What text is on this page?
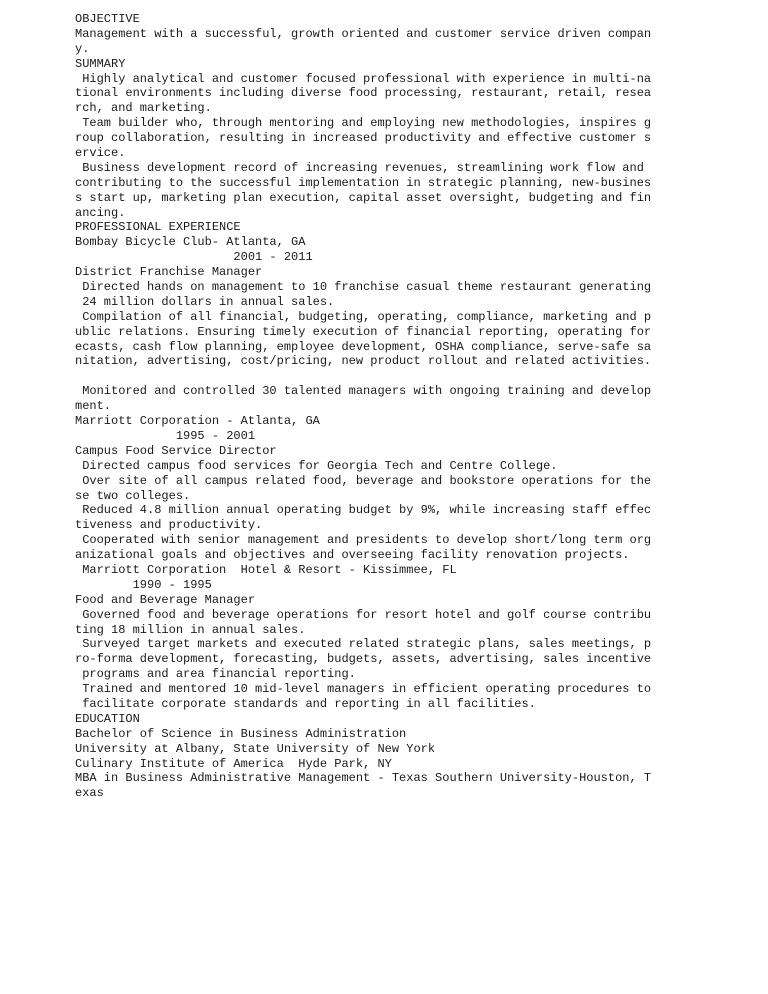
OBJECTIVE
Management with a successful, growth oriented and customer service driven compan
y.
SUMMARY
Highly analytical and customer focused professional with experience in multi-na
tional environments including diverse food processing, restaurant, retail, resea
rch, and marketing.
Team builder who, through mentoring and employing new methodologies, inspires g
roup collaboration, resulting in increased productivity and effective customer s
ervice.
Business development record of increasing revenues, streamlining work flow and
contributing to the successful implementation in strategic planning, new-busines
s start up, marketing plan execution, capital asset oversight, budgeting and fin
ancing.
PROFESSIONAL EXPERIENCE
Bombay Bicycle Club- Atlanta, GA
2001 - 2011
District Franchise Manager
Directed hands on management to 10 franchise casual theme restaurant generating
24 million dollars in annual sales.
Compilation of all financial, budgeting, operating, compliance, marketing and p
ublic relations. Ensuring timely execution of financial reporting, operating for
ecasts, cash flow planning, employee development, OSHA compliance, serve-safe sa
nitation, advertising, cost/pricing, new product rollout and related activities.
Monitored and controlled 30 talented managers with ongoing training and develop
ment.
Marriott Corporation - Atlanta, GA
1995 - 2001
Campus Food Service Director
Directed campus food services for Georgia Tech and Centre College.
Over site of all campus related food, beverage and bookstore operations for the
se two colleges.
Reduced 4.8 million annual operating budget by 9%, while increasing staff effec
tiveness and productivity.
Cooperated with senior management and presidents to develop short/long term org
anizational goals and objectives and overseeing facility renovation projects.
Marriott Corporation  Hotel & Resort - Kissimmee, FL
1990 - 1995
Food and Beverage Manager
Governed food and beverage operations for resort hotel and golf course contribu
ting 18 million in annual sales.
Surveyed target markets and executed related strategic plans, sales meetings, p
ro-forma development, forecasting, budgets, assets, advertising, sales incentive
programs and area financial reporting.
Trained and mentored 10 mid-level managers in efficient operating procedures to
facilitate corporate standards and reporting in all facilities.
EDUCATION
Bachelor of Science in Business Administration
University at Albany, State University of New York
Culinary Institute of America  Hyde Park, NY
MBA in Business Administrative Management - Texas Southern University-Houston, T
exas
